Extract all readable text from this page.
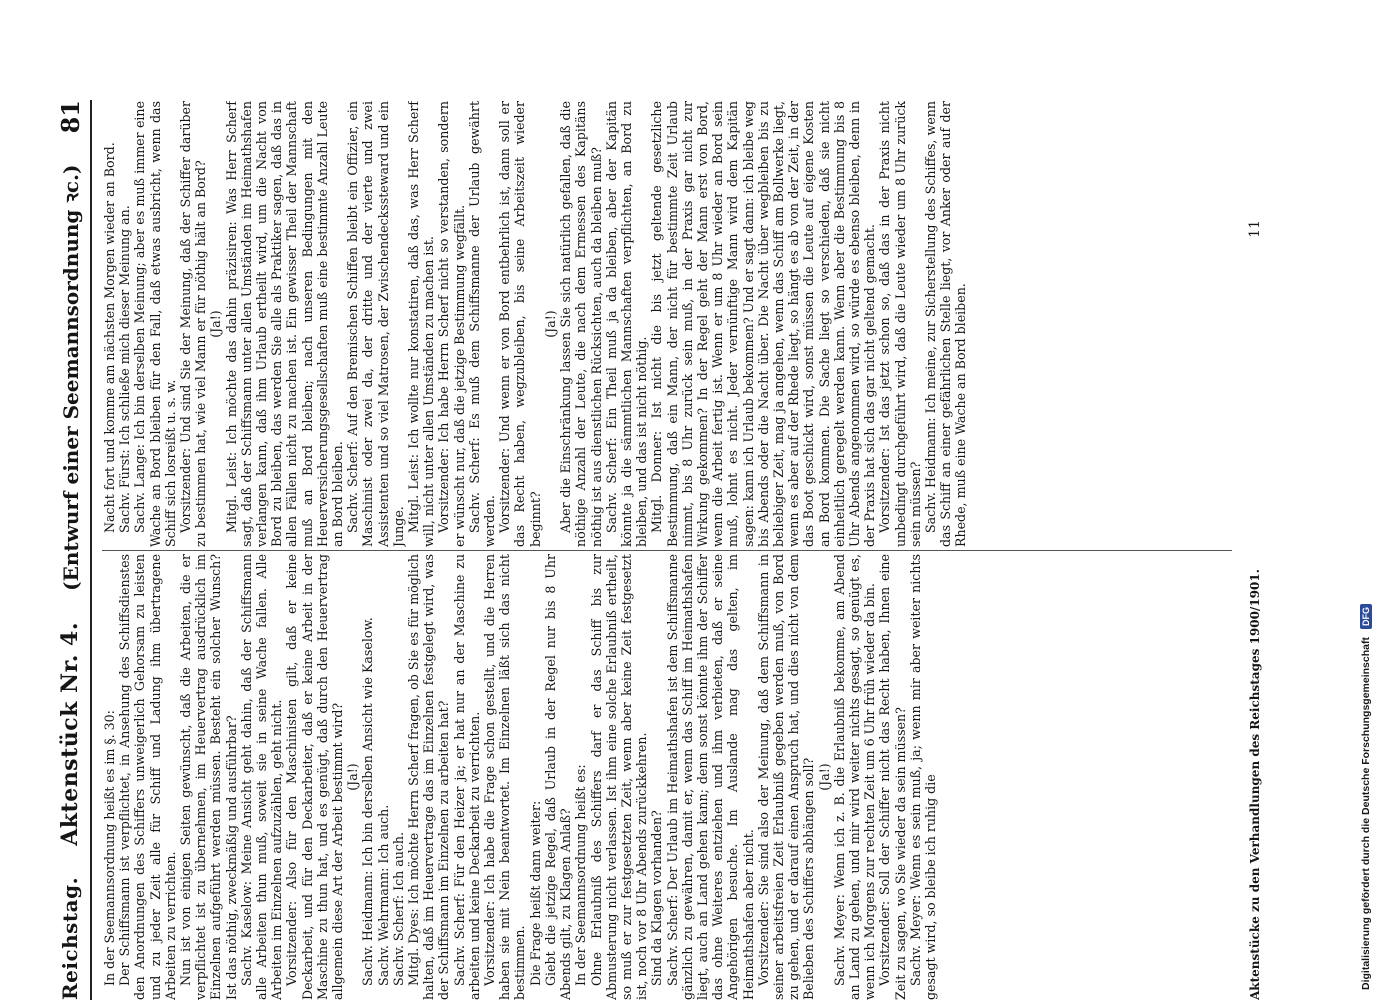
Reichstag.
Aktenstück Nr. 4.
(Entwurf einer Seemannsordnung ꝛc.)
81

In der Seemannsordnung heißt es im §. 30: Der Schiffsmann ist verpflichtet, in Ansehung des Schiffsdienstes den Anordnungen des Schiffers unweigerlich Gehorsam zu leisten und zu jeder Zeit alle für Schiff und Ladung ihm übertragene Arbeiten zu verrichten. Nun ist von einigen Seiten gewünscht, daß die Arbeiten, die er verpflichtet ist zu übernehmen, im Heuervertrag ausdrücklich im Einzelnen aufgeführt werden müssen. Besteht ein solcher Wunsch? Ist das nöthig, zweckmäßig und ausführbar? Sachv. Kaselow: Meine Ansicht geht dahin, daß der Schiffsmann alle Arbeiten thun muß, soweit sie in seine Wache fallen. Alle Arbeiten im Einzelnen aufzuzählen, geht nicht. Vorsitzender: Also für den Maschinisten gilt, daß er keine Deckarbeit, und für den Deckarbeiter, daß er keine Arbeit in der Maschine zu thun hat, und es genügt, daß durch den Heuervertrag allgemein diese Art der Arbeit bestimmt wird? (Ja!) Sachv. Heidmann: Ich bin derselben Ansicht wie Kaselow. Sachv. Wehrmann: Ich auch. Sachv. Scherf: Ich auch. Mitgl. Dyes: Ich möchte Herrn Scherf fragen, ob Sie es für möglich halten, daß im Heuervertrage das im Einzelnen festgelegt wird, was der Schiffsmann im Einzelnen zu arbeiten hat? Sachv. Scherf: Für den Heizer ja; er hat nur an der Maschine zu arbeiten und keine Deckarbeit zu verrichten. Vorsitzender: Ich habe die Frage schon gestellt, und die Herren haben sie mit Nein beantwortet. Im Einzelnen läßt sich das nicht bestimmen. Die Frage heißt dann weiter: Giebt die jetzige Regel, daß Urlaub in der Regel nur bis 8 Uhr Abends gilt, zu Klagen Anlaß? In der Seemannsordnung heißt es: Ohne Erlaubniß des Schiffers darf er das Schiff bis zur Abmusterung nicht verlassen. Ist ihm eine solche Erlaubniß ertheilt, so muß er zur festgesetzten Zeit, wenn aber keine Zeit festgesetzt ist, noch vor 8 Uhr Abends zurückkehren. Sind da Klagen vorhanden? Sachv. Scherf: Der Urlaub im Heimathshafen ist dem Schiffsmanne gänzlich zu gewähren, damit er, wenn das Schiff im Heimathshafen liegt, auch an Land gehen kann; denn sonst könnte ihm der Schiffer das ohne Weiteres entziehen und ihm verbieten, daß er seine Angehörigen besuche. Im Auslande mag das gelten, im Heimathshafen aber nicht. Vorsitzender: Sie sind also der Meinung, daß dem Schiffsmann in seiner arbeitsfreien Zeit Erlaubniß gegeben werden muß, von Bord zu gehen, und er darauf einen Anspruch hat, und dies nicht von dem Belieben des Schiffers abhängen soll? (Ja!) Sachv. Meyer: Wenn ich z. B. die Erlaubniß bekomme, am Abend an Land zu gehen, und mir wird weiter nichts gesagt, so genügt es, wenn ich Morgens zur rechten Zeit um 6 Uhr früh wieder da bin. Vorsitzender: Soll der Schiffer nicht das Recht haben, Ihnen eine Zeit zu sagen, wo Sie wieder da sein müssen? Sachv. Meyer: Wenn es sein muß, ja; wenn mir aber weiter nichts gesagt wird, so bleibe ich ruhig die

Nacht fort und komme am nächsten Morgen wieder an Bord. Sachv. Fürst: Ich schließe mich dieser Meinung an. Sachv. Lange: Ich bin derselben Meinung; aber es muß immer eine Wache an Bord bleiben für den Fall, daß etwas ausbricht, wenn das Schiff sich losreißt u. s. w. Vorsitzender: Und sind Sie der Meinung, daß der Schiffer darüber zu bestimmen hat, wie viel Mann er für nöthig hält an Bord? (Ja!) Mitgl. Leist: Ich möchte das dahin präzisiren: Was Herr Scherf sagt, daß der Schiffsmann unter allen Umständen im Heimathshafen verlangen kann, daß ihm Urlaub ertheilt wird, um die Nacht von Bord zu bleiben, das werden Sie alle als Praktiker sagen, daß das in allen Fällen nicht zu machen ist. Ein gewisser Theil der Mannschaft muß an Bord bleiben; nach unseren Bedingungen mit den Heuerversicherungsgesellschaften muß eine bestimmte Anzahl Leute an Bord bleiben. Sachv. Scherf: Auf den Bremischen Schiffen bleibt ein Offizier, ein Maschinist oder zwei da, der dritte und der vierte und zwei Assistenten und so viel Matrosen, der Zwischendeckssteward und ein Junge. Mitgl. Leist: Ich wollte nur konstatiren, daß das, was Herr Scherf will, nicht unter allen Umständen zu machen ist. Vorsitzender: Ich habe Herrn Scherf nicht so verstanden, sondern er wünscht nur, daß die jetzige Bestimmung wegfällt. Sachv. Scherf: Es muß dem Schiffsmanne der Urlaub gewährt werden. Vorsitzender: Und wenn er von Bord entbehrlich ist, dann soll er das Recht haben, wegzubleiben, bis seine Arbeitszeit wieder beginnt?

(Ja!) Aber die Einschränkung lassen Sie sich natürlich gefallen, daß die nöthige Anzahl der Leute, die nach dem Ermessen des Kapitäns nöthig ist aus dienstlichen Rücksichten, auch da bleiben muß? Sachv. Scherf: Ein Theil muß ja da bleiben, aber der Kapitän könnte ja die sämmtlichen Mannschaften verpflichten, an Bord zu bleiben, und das ist nicht nöthig. Mitgl. Donner: Ist nicht die bis jetzt geltende gesetzliche Bestimmung, daß ein Mann, der nicht für bestimmte Zeit Urlaub nimmt, bis 8 Uhr zurück sein muß, in der Praxis gar nicht zur Wirkung gekommen? In der Regel geht der Mann erst von Bord, wenn die Arbeit fertig ist. Wenn er um 8 Uhr wieder an Bord sein muß, lohnt es nicht. Jeder vernünftige Mann wird dem Kapitän sagen: kann ich Urlaub bekommen? Und er sagt dann: ich bleibe weg bis Abends oder die Nacht über. Die Nacht über wegbleiben bis zu beliebiger Zeit, mag ja angehen, wenn das Schiff am Bollwerke liegt, wenn es aber auf der Rhede liegt, so hängt es ab von der Zeit, in der das Boot geschickt wird, sonst müssen die Leute auf eigene Kosten an Bord kommen. Die Sache liegt so verschieden, daß sie nicht einheitlich geregelt werden kann. Wenn aber die Bestimmung bis 8 Uhr Abends angenommen wird, so würde es ebenso bleiben, denn in der Praxis hat sich das gar nicht geltend gemacht. Vorsitzender: Ist das jetzt schon so, daß das in der Praxis nicht unbedingt durchgeführt wird, daß die Leute wieder um 8 Uhr zurück sein müssen? Sachv. Heidmann: Ich meine, zur Sicherstellung des Schiffes, wenn das Schiff an einer gefährlichen Stelle liegt, vor Anker oder auf der Rhede, muß eine Wache an Bord bleiben.

Aktenstücke zu den Verhandlungen des Reichstages 1900/1901.
11
Digitalisierung gefördert durch die Deutsche Forschungsgemeinschaft
DFG
